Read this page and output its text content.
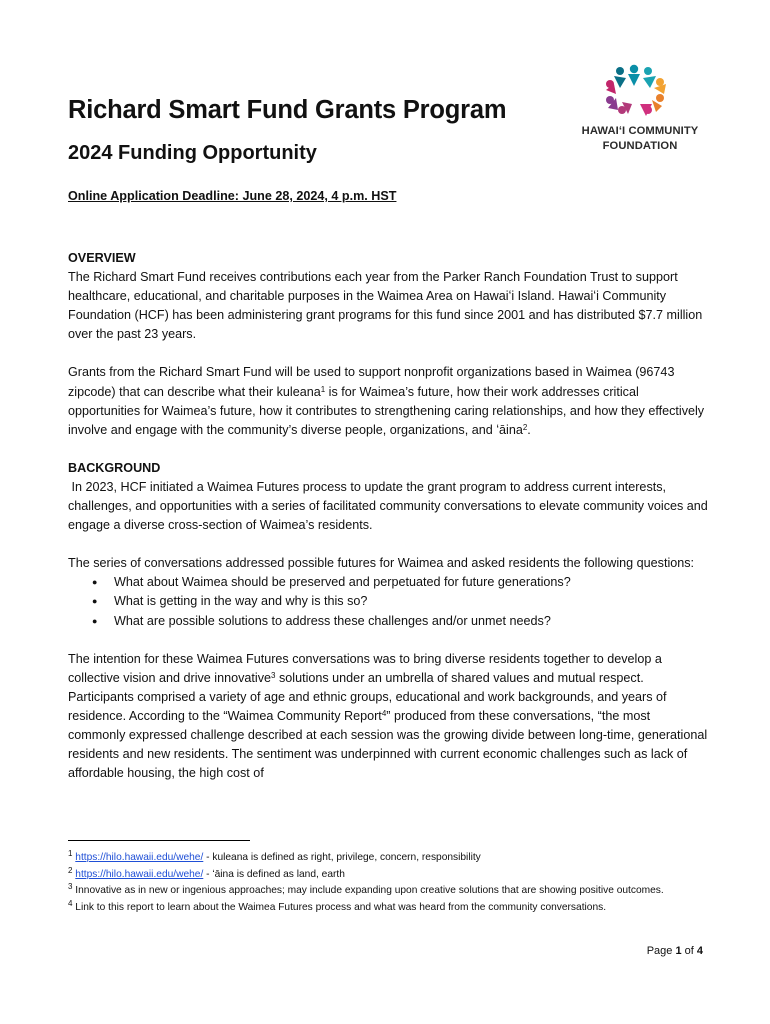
Richard Smart Fund Grants Program
2024 Funding Opportunity
HAWAIʻI COMMUNITY
FOUNDATION
Online Application Deadline: June 28, 2024, 4 p.m. HST
OVERVIEW

The Richard Smart Fund receives contributions each year from the Parker Ranch Foundation Trust to support healthcare, educational, and charitable purposes in the Waimea Area on Hawaiʻi Island. Hawaiʻi Community Foundation (HCF) has been administering grant programs for this fund since 2001 and has distributed $7.7 million over the past 23 years.

Grants from the Richard Smart Fund will be used to support nonprofit organizations based in Waimea (96743 zipcode) that can describe what their kuleana$^1$ is for Waimea’s future, how their work addresses critical opportunities for Waimea’s future, how it contributes to strengthening caring relationships, and how they effectively involve and engage with the community’s diverse people, organizations, and ʻāina$^2$.

BACKGROUND

In 2023, HCF initiated a Waimea Futures process to update the grant program to address current interests, challenges, and opportunities with a series of facilitated community conversations to elevate community voices and engage a diverse cross-section of Waimea’s residents.

The series of conversations addressed possible futures for Waimea and asked residents the following questions:

● What about Waimea should be preserved and perpetuated for future generations?
● What is getting in the way and why is this so?
● What are possible solutions to address these challenges and/or unmet needs?

The intention for these Waimea Futures conversations was to bring diverse residents together to develop a collective vision and drive innovative$^3$ solutions under an umbrella of shared values and mutual respect. Participants comprised a variety of age and ethnic groups, educational and work backgrounds, and years of residence. According to the “Waimea Community Report$^4$” produced from these conversations, “the most commonly expressed challenge described at each session was the growing divide between long-time, generational residents and new residents. The sentiment was underpinned with current economic challenges such as lack of affordable housing, the high cost of

$^1$ https://hilo.hawaii.edu/wehe/ - kuleana is defined as right, privilege, concern, responsibility

$^2$ https://hilo.hawaii.edu/wehe/ - ʻāina is defined as land, earth

$^3$ Innovative as in new or ingenious approaches; may include expanding upon creative solutions that are showing positive outcomes.

$^4$ Link to this report to learn about the Waimea Futures process and what was heard from the community conversations.

Page 1 of 4
